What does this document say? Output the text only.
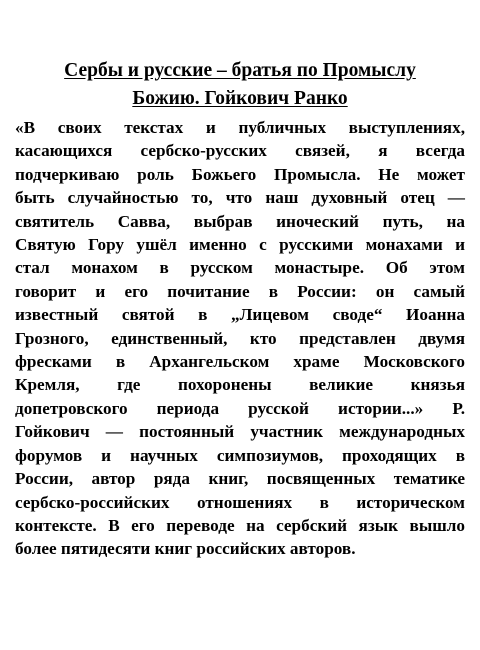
Сербы и русские – братья по Промыслу
Божию. Гойкович Ранко
«В своих текстах и публичных выступлениях,
касающихся сербско-русских связей, я всегда
подчеркиваю роль Божьего Промысла. Не может
быть случайностью то, что наш духовный отец —
святитель Савва, выбрав иноческий путь, на
Святую Гору ушёл именно с русскими монахами и
стал монахом в русском монастыре. Об этом
говорит и его почитание в России: он самый
известный святой в „Лицевом своде“ Иоанна
Грозного, единственный, кто представлен двумя
фресками в Архангельском храме Московского
Кремля, где похоронены великие князья
допетровского периода русской истории...» Р.
Гойкович — постоянный участник международных
форумов и научных симпозиумов, проходящих в
России, автор ряда книг, посвященных тематике
сербско-российских отношениях в историческом
контексте. В его переводе на сербский язык вышло
более пятидесяти книг российских авторов.
